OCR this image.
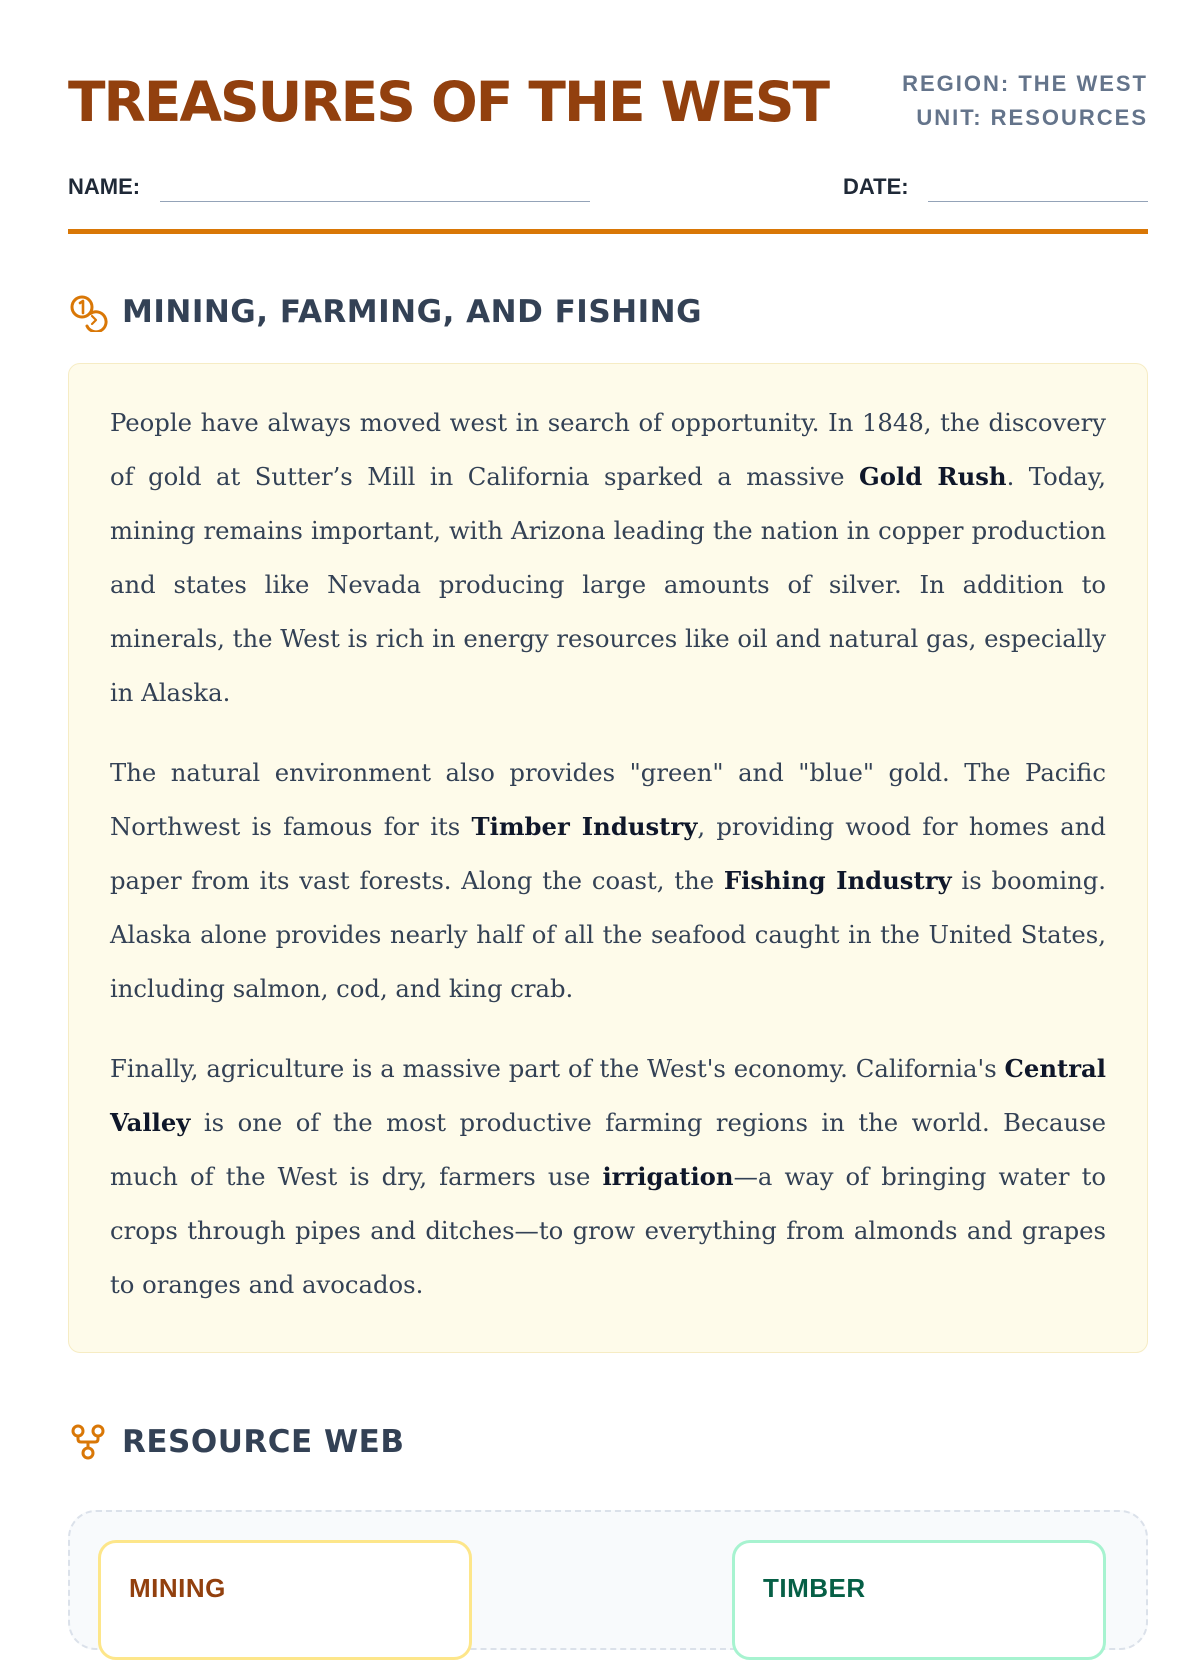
TREASURES OF THE WEST	REGION: THE WEST
UNIT: RESOURCES
NAME:	DATE:
MINING, FARMING, AND FISHING

People have always moved west in search of opportunity. In 1848, the discovery of gold at Sutter’s Mill in California sparked a massive Gold Rush. Today, mining remains important, with Arizona leading the nation in copper production and states like Nevada producing large amounts of silver. In addition to minerals, the West is rich in energy resources like oil and natural gas, especially in Alaska.

The natural environment also provides "green" and "blue" gold. The Pacific Northwest is famous for its Timber Industry, providing wood for homes and paper from its vast forests. Along the coast, the Fishing Industry is booming. Alaska alone provides nearly half of all the seafood caught in the United States, including salmon, cod, and king crab.

Finally, agriculture is a massive part of the West's economy. California's Central Valley is one of the most productive farming regions in the world. Because much of the West is dry, farmers use irrigation—a way of bringing water to crops through pipes and ditches—to grow everything from almonds and grapes to oranges and avocados.

RESOURCE WEB
MINING	TIMBER
